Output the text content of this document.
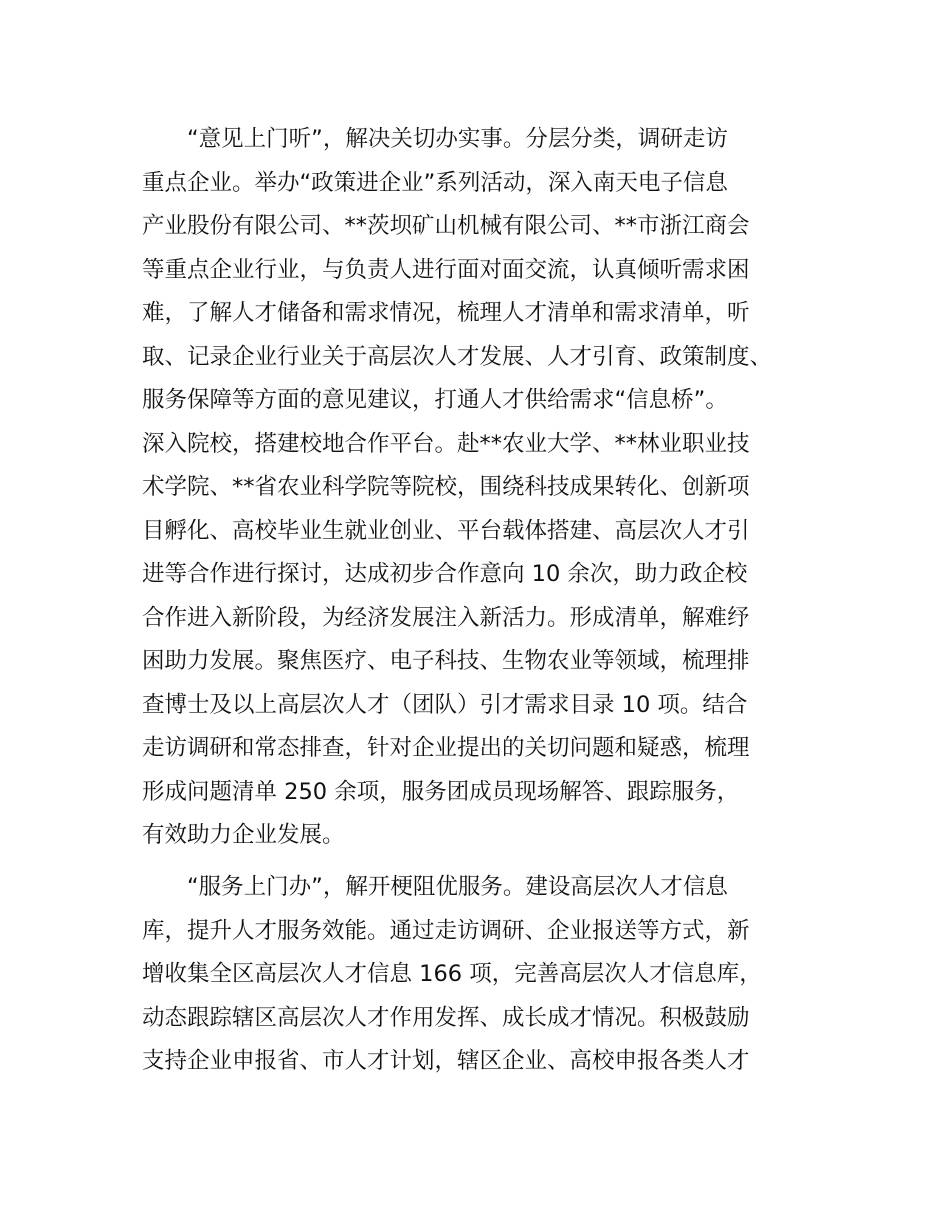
　　“意见上门听”，解决关切办实事。分层分类，调研走访
重点企业。举办“政策进企业”系列活动，深入南天电子信息
产业股份有限公司、**茨坝矿山机械有限公司、**市浙江商会
等重点企业行业，与负责人进行面对面交流，认真倾听需求困
难，了解人才储备和需求情况，梳理人才清单和需求清单，听
取、记录企业行业关于高层次人才发展、人才引育、政策制度、
服务保障等方面的意见建议，打通人才供给需求“信息桥”。
深入院校，搭建校地合作平台。赴**农业大学、**林业职业技
术学院、**省农业科学院等院校，围绕科技成果转化、创新项
目孵化、高校毕业生就业创业、平台载体搭建、高层次人才引
进等合作进行探讨，达成初步合作意向 10 余次，助力政企校
合作进入新阶段，为经济发展注入新活力。形成清单，解难纾
困助力发展。聚焦医疗、电子科技、生物农业等领域，梳理排
查博士及以上高层次人才（团队）引才需求目录 10 项。结合
走访调研和常态排查，针对企业提出的关切问题和疑惑，梳理
形成问题清单 250 余项，服务团成员现场解答、跟踪服务，
有效助力企业发展。
　　“服务上门办”，解开梗阻优服务。建设高层次人才信息
库，提升人才服务效能。通过走访调研、企业报送等方式，新
增收集全区高层次人才信息 166 项，完善高层次人才信息库，
动态跟踪辖区高层次人才作用发挥、成长成才情况。积极鼓励
支持企业申报省、市人才计划，辖区企业、高校申报各类人才
